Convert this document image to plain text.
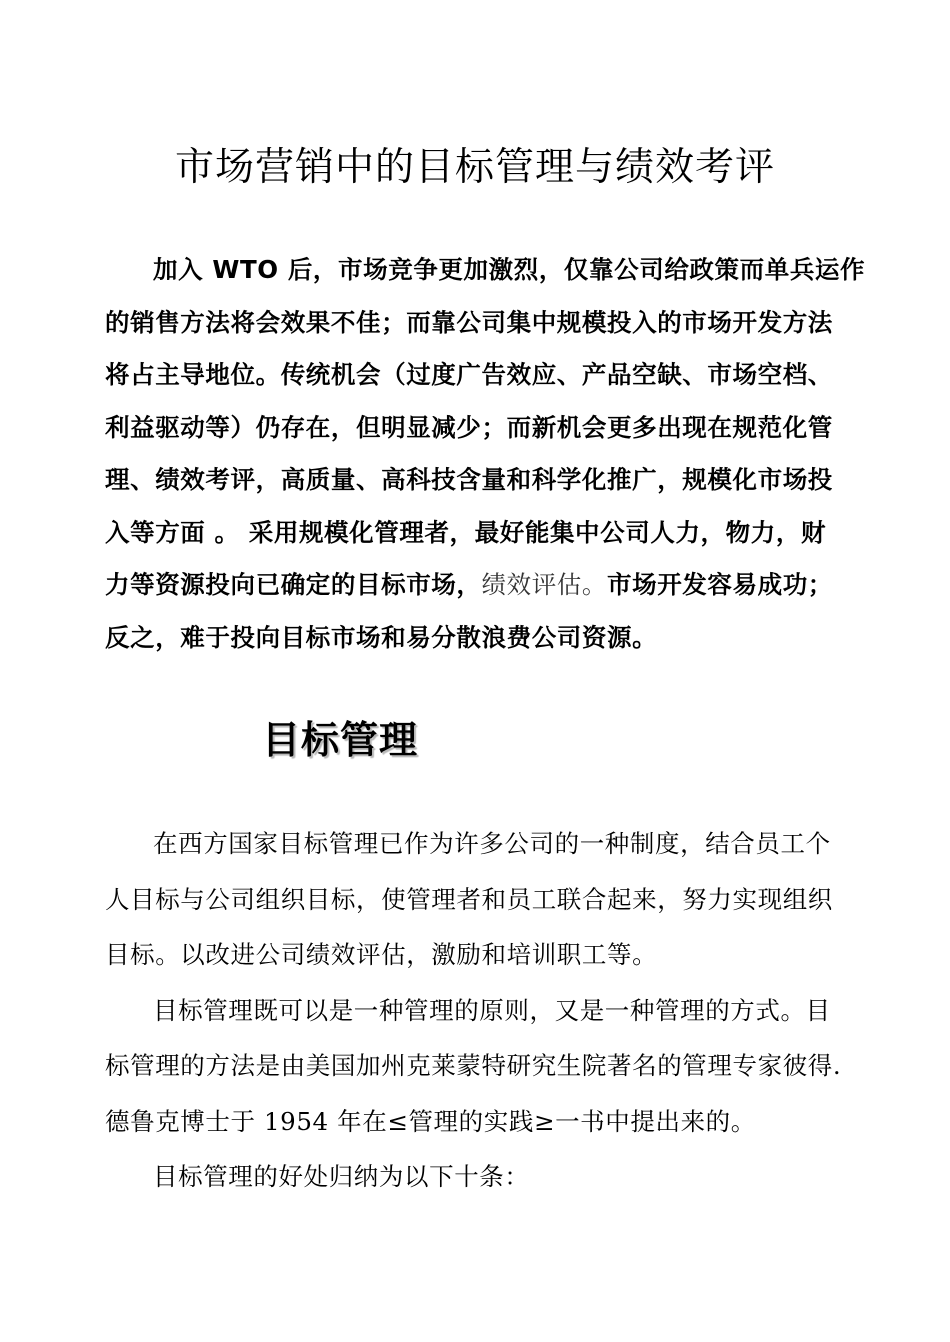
市场营销中的目标管理与绩效考评
加入 WTO 后，市场竞争更加激烈，仅靠公司给政策而单兵运作
的销售方法将会效果不佳；而靠公司集中规模投入的市场开发方法
将占主导地位。传统机会（过度广告效应、产品空缺、市场空档、
利益驱动等）仍存在，但明显减少；而新机会更多出现在规范化管
理、绩效考评，高质量、高科技含量和科学化推广，规模化市场投
入等方面 。 采用规模化管理者，最好能集中公司人力，物力，财
力等资源投向已确定的目标市场，绩效评估。市场开发容易成功；
反之，难于投向目标市场和易分散浪费公司资源。
目标管理
在西方国家目标管理已作为许多公司的一种制度，结合员工个
人目标与公司组织目标，使管理者和员工联合起来，努力实现组织
目标。以改进公司绩效评估，激励和培训职工等。
目标管理既可以是一种管理的原则，又是一种管理的方式。目
标管理的方法是由美国加州克莱蒙特研究生院著名的管理专家彼得.
德鲁克博士于 1954 年在≤管理的实践≥一书中提出来的。
目标管理的好处归纳为以下十条：
